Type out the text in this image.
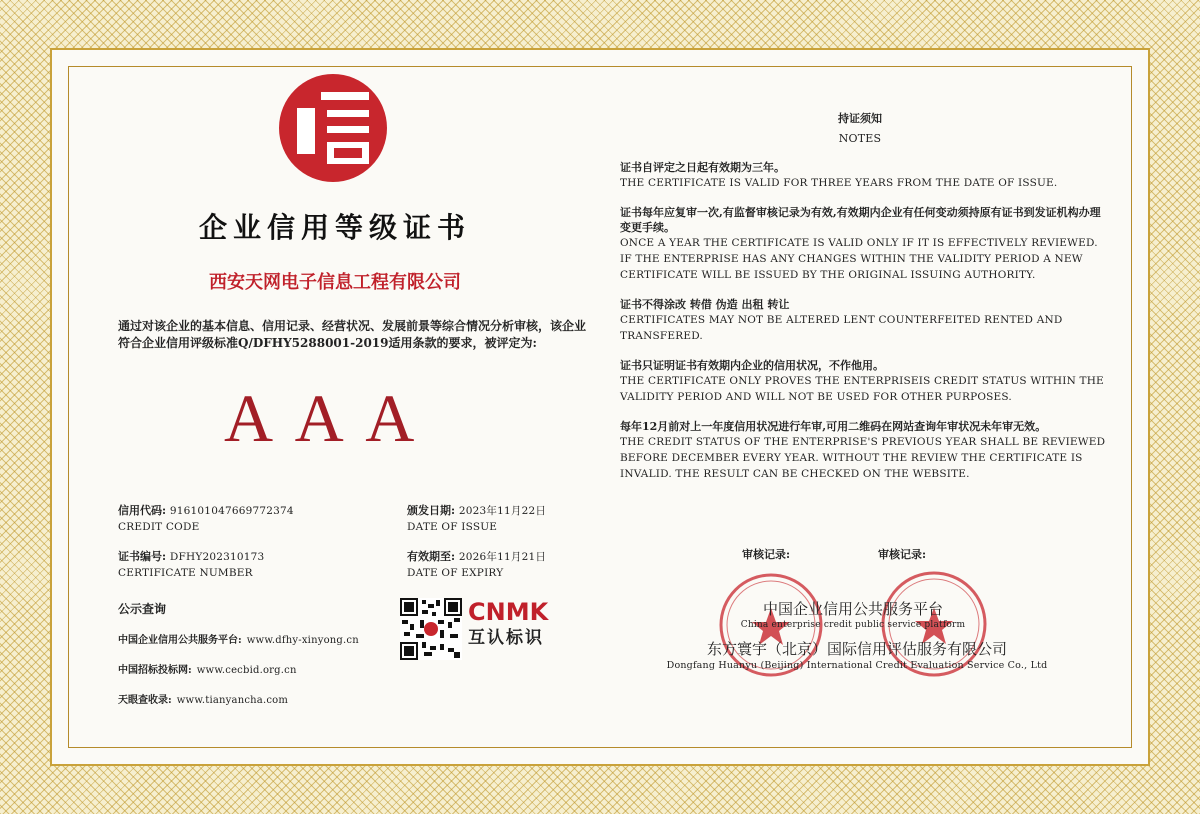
企业信用等级证书
西安天网电子信息工程有限公司
通过对该企业的基本信息、信用记录、经营状况、发展前景等综合情况分析审核，该企业符合企业信用评级标准Q/DFHY5288001-2019适用条款的要求，被评定为:
A A A
信用代码: 916101047669772374
CREDIT CODE
颁发日期: 2023年11月22日
DATE OF ISSUE
证书编号: DFHY202310173
CERTIFICATE NUMBER
有效期至: 2026年11月21日
DATE OF EXPIRY
公示查询
中国企业信用公共服务平台: www.dfhy-xinyong.cn
中国招标投标网: www.cecbid.org.cn
天眼查收录: www.tianyancha.com
CNMK
互认标识
持证须知
NOTES
证书自评定之日起有效期为三年。
THE CERTIFICATE IS VALID FOR THREE YEARS FROM THE DATE OF ISSUE.
证书每年应复审一次,有监督审核记录为有效,有效期内企业有任何变动须持原有证书到发证机构办理变更手续。
ONCE A YEAR THE CERTIFICATE IS VALID ONLY IF IT IS EFFECTIVELY REVIEWED. IF THE ENTERPRISE HAS ANY CHANGES WITHIN THE VALIDITY PERIOD A NEW CERTIFICATE WILL BE ISSUED BY THE ORIGINAL ISSUING AUTHORITY.
证书不得涂改 转借 伪造 出租 转让
CERTIFICATES MAY NOT BE ALTERED LENT COUNTERFEITED RENTED AND TRANSFERED.
证书只证明证书有效期内企业的信用状况，不作他用。
THE CERTIFICATE ONLY PROVES THE ENTERPRISEIS CREDIT STATUS WITHIN THE VALIDITY PERIOD AND WILL NOT BE USED FOR OTHER PURPOSES.
每年12月前对上一年度信用状况进行年审,可用二维码在网站查询年审状况未年审无效。
THE CREDIT STATUS OF THE ENTERPRISE'S PREVIOUS YEAR SHALL BE REVIEWED BEFORE DECEMBER EVERY YEAR. WITHOUT THE REVIEW THE CERTIFICATE IS INVALID. THE RESULT CAN BE CHECKED ON THE WEBSITE.
审核记录:	审核记录:
中国企业信用公共服务平台
China enterprise credit public service platform
东方寰宇（北京）国际信用评估服务有限公司
Dongfang Huanyu (Beijing) International Credit Evaluation Service Co., Ltd
